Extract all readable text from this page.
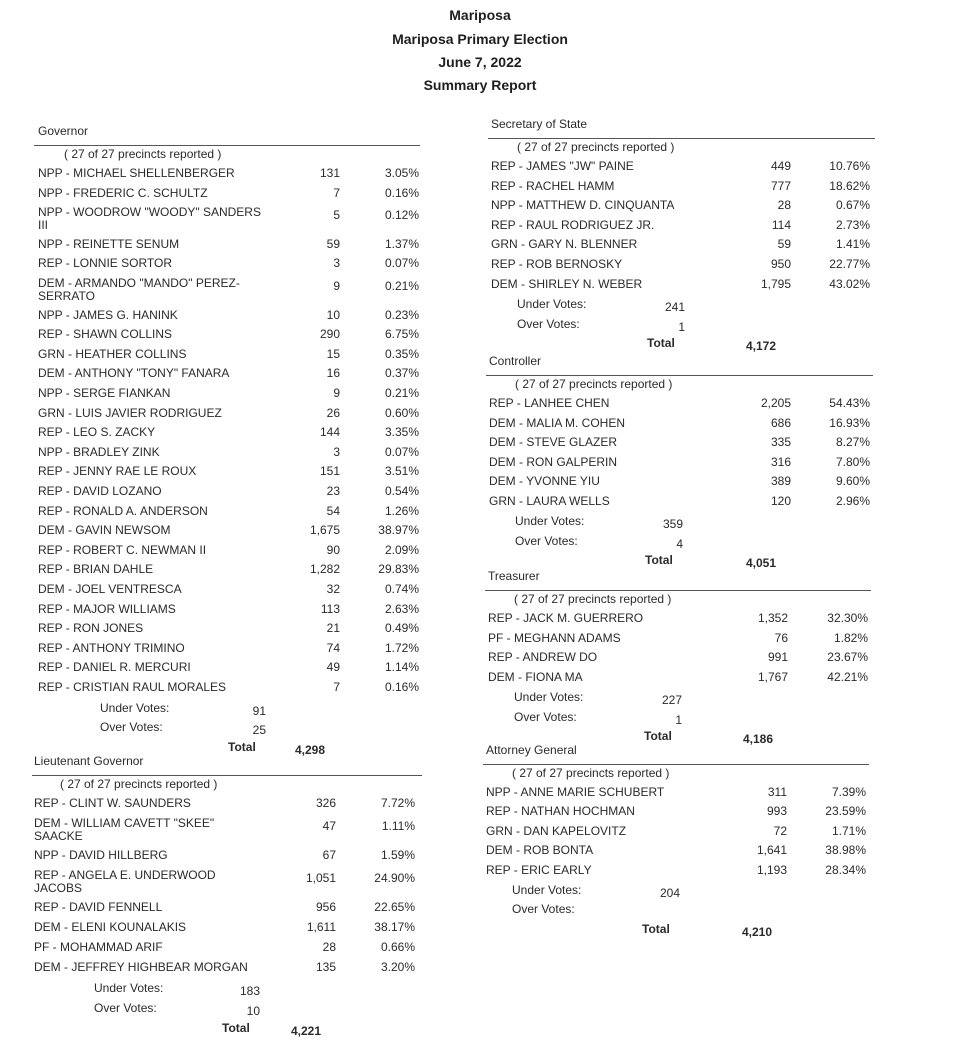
Mariposa
Mariposa Primary Election
June 7, 2022
Summary Report
Governor
( 27 of 27 precincts reported )
NPP - MICHAEL SHELLENBERGER	131	3.05%
NPP - FREDERIC C. SCHULTZ	7	0.16%
NPP - WOODROW "WOODY" SANDERS	5	0.12%
III
NPP - REINETTE SENUM	59	1.37%
REP - LONNIE SORTOR	3	0.07%
DEM - ARMANDO "MANDO" PEREZ-	9	0.21%
SERRATO
NPP - JAMES G. HANINK	10	0.23%
REP - SHAWN COLLINS	290	6.75%
GRN - HEATHER COLLINS	15	0.35%
DEM - ANTHONY "TONY" FANARA	16	0.37%
NPP - SERGE FIANKAN	9	0.21%
GRN - LUIS JAVIER RODRIGUEZ	26	0.60%
REP - LEO S. ZACKY	144	3.35%
NPP - BRADLEY ZINK	3	0.07%
REP - JENNY RAE LE ROUX	151	3.51%
REP - DAVID LOZANO	23	0.54%
REP - RONALD A. ANDERSON	54	1.26%
DEM - GAVIN NEWSOM	1,675	38.97%
REP - ROBERT C. NEWMAN II	90	2.09%
REP - BRIAN DAHLE	1,282	29.83%
DEM - JOEL VENTRESCA	32	0.74%
REP - MAJOR WILLIAMS	113	2.63%
REP - RON JONES	21	0.49%
REP - ANTHONY TRIMINO	74	1.72%
REP - DANIEL R. MERCURI	49	1.14%
REP - CRISTIAN RAUL MORALES	7	0.16%
Under Votes:	91
Over Votes:	25
Total	4,298
Lieutenant Governor
( 27 of 27 precincts reported )
REP - CLINT W. SAUNDERS	326	7.72%
DEM - WILLIAM CAVETT "SKEE"	47	1.11%
SAACKE
NPP - DAVID HILLBERG	67	1.59%
REP - ANGELA E. UNDERWOOD	1,051	24.90%
JACOBS
REP - DAVID FENNELL	956	22.65%
DEM - ELENI KOUNALAKIS	1,611	38.17%
PF - MOHAMMAD ARIF	28	0.66%
DEM - JEFFREY HIGHBEAR MORGAN	135	3.20%
Under Votes:	183
Over Votes:	10
Total	4,221
Secretary of State
( 27 of 27 precincts reported )
REP - JAMES "JW" PAINE	449	10.76%
REP - RACHEL HAMM	777	18.62%
NPP - MATTHEW D. CINQUANTA	28	0.67%
REP - RAUL RODRIGUEZ JR.	114	2.73%
GRN - GARY N. BLENNER	59	1.41%
REP - ROB BERNOSKY	950	22.77%
DEM - SHIRLEY N. WEBER	1,795	43.02%
Under Votes:	241
Over Votes:	1
Total	4,172
Controller
( 27 of 27 precincts reported )
REP - LANHEE CHEN	2,205	54.43%
DEM - MALIA M. COHEN	686	16.93%
DEM - STEVE GLAZER	335	8.27%
DEM - RON GALPERIN	316	7.80%
DEM - YVONNE YIU	389	9.60%
GRN - LAURA WELLS	120	2.96%
Under Votes:	359
Over Votes:	4
Total	4,051
Treasurer
( 27 of 27 precincts reported )
REP - JACK M. GUERRERO	1,352	32.30%
PF - MEGHANN ADAMS	76	1.82%
REP - ANDREW DO	991	23.67%
DEM - FIONA MA	1,767	42.21%
Under Votes:	227
Over Votes:	1
Total	4,186
Attorney General
( 27 of 27 precincts reported )
NPP - ANNE MARIE SCHUBERT	311	7.39%
REP - NATHAN HOCHMAN	993	23.59%
GRN - DAN KAPELOVITZ	72	1.71%
DEM - ROB BONTA	1,641	38.98%
REP - ERIC EARLY	1,193	28.34%
Under Votes:	204
Over Votes:
Total	4,210
